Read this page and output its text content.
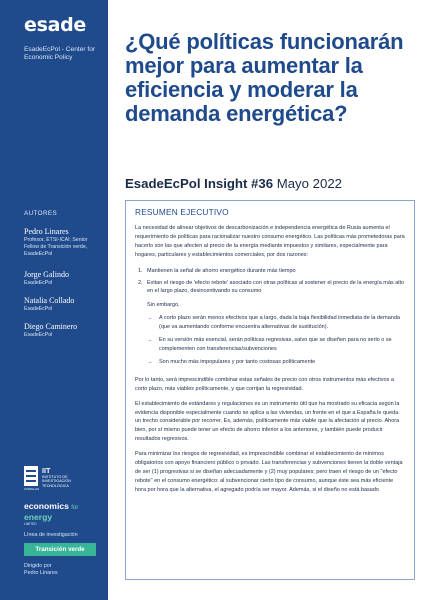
esade
EsadeEcPol - Center for Economic Policy
AUTORES
Pedro Linares
Profesor, ETSI-ICAI; Senior Fellow de Transición verde, EsadeEcPol
Jorge Galindo
EsadeEcPol
Natalia Collado
EsadeEcPol
Diego Caminero
EsadeEcPol
IIT
INSTITUTO DE INVESTIGACIÓN TECNOLÓGICA
COMILLAS
economics for
energy
LIMITED
Línea de investigación
Transición verde
Dirigido por
Pedro Linares
¿Qué políticas funcionarán mejor para aumentar la eficiencia y moderar la demanda energética?
EsadeEcPol Insight #36 Mayo 2022
RESUMEN EJECUTIVO

La necesidad de alinear objetivos de descarbonización e independencia energética de Rusia aumenta el requerimiento de políticas para racionalizar nuestro consumo energético. Las políticas más prometedoras para hacerlo son las que afecten al precio de la energía mediante impuestos y similares, especialmente para hogares, particulares y establecimientos comerciales, por dos razones:

1. Mantienen la señal de ahorro energético durante más tiempo
2. Evitan el riesgo de 'efecto rebote' asociado con otras políticas al sostener el precio de la energía más alto en el largo plazo, desincentivando su consumo
Sin embargo,
→ A corto plazo serán menos efectivos que a largo, dada la baja flexibilidad inmediata de la demanda (que va aumentando conforme encuentra alternativas de sustitución).
→ En su versión más esencial, serán políticas regresivas, salvo que se diseñen para no serlo o se complementen con transferencias/subvenciones
→ Son mucho más impopulares y por tanto costosas políticamente

Por lo tanto, será imprescindible combinar estas señales de precio con otros instrumentos más efectivos a corto plazo, más viables políticamente, y que corrijan la regresividad.

El establecimiento de estándares y regulaciones es un instrumento útil que ha mostrado su eficacia según la evidencia disponible especialmente cuando se aplica a las viviendas, un frente en el que a España le queda un trecho considerable por recorrer. Es, además, políticamente más viable que la afectación al precio. Ahora bien, por sí mismo puede tener un efecto de ahorro inferior a los anteriores, y también puede producir resultados regresivos.

Para minimizar los riesgos de regresividad, es imprescindible combinar el establecimiento de mínimos obligatorios con apoyo financiero público o privado. Las transferencias y subvenciones tienen la doble ventaja de ser (1) progresivas si se diseñan adecuadamente y (2) muy populares; pero traen el riesgo de un "efecto rebote" en el consumo energético: al subvencionar cierto tipo de consumo, aunque éste sea más eficiente hora por hora que la alternativa, el agregado podría ser mayor. Además, si el diseño no está basado
